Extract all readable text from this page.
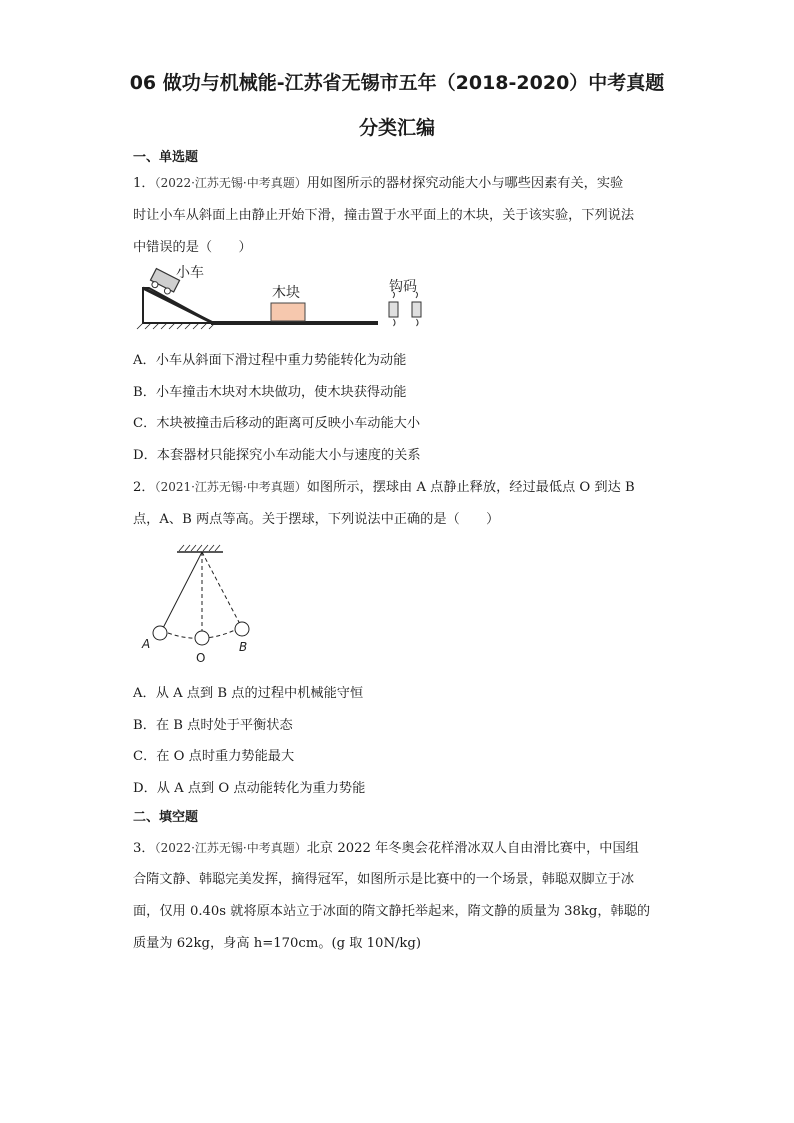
06 做功与机械能-江苏省无锡市五年（2018-2020）中考真题
分类汇编
一、单选题
1．（2022·江苏无锡·中考真题）用如图所示的器材探究动能大小与哪些因素有关，实验
时让小车从斜面上由静止开始下滑，撞击置于水平面上的木块，关于该实验，下列说法
中错误的是（　　）
小车
木块	钩码
A．小车从斜面下滑过程中重力势能转化为动能
B．小车撞击木块对木块做功，使木块获得动能
C．木块被撞击后移动的距离可反映小车动能大小
D．本套器材只能探究小车动能大小与速度的关系
2．（2021·江苏无锡·中考真题）如图所示，摆球由 A 点静止释放，经过最低点 O 到达 B
点，A、B 两点等高。关于摆球，下列说法中正确的是（　　）
A
O
B
A．从 A 点到 B 点的过程中机械能守恒
B．在 B 点时处于平衡状态
C．在 O 点时重力势能最大
D．从 A 点到 O 点动能转化为重力势能
二、填空题
3．（2022·江苏无锡·中考真题）北京 2022 年冬奥会花样滑冰双人自由滑比赛中，中国组
合隋文静、韩聪完美发挥，摘得冠军，如图所示是比赛中的一个场景，韩聪双脚立于冰
面，仅用 0.40s 就将原本站立于冰面的隋文静托举起来，隋文静的质量为 38kg，韩聪的
质量为 62kg，身高 h=170cm。(g 取 10N/kg)
